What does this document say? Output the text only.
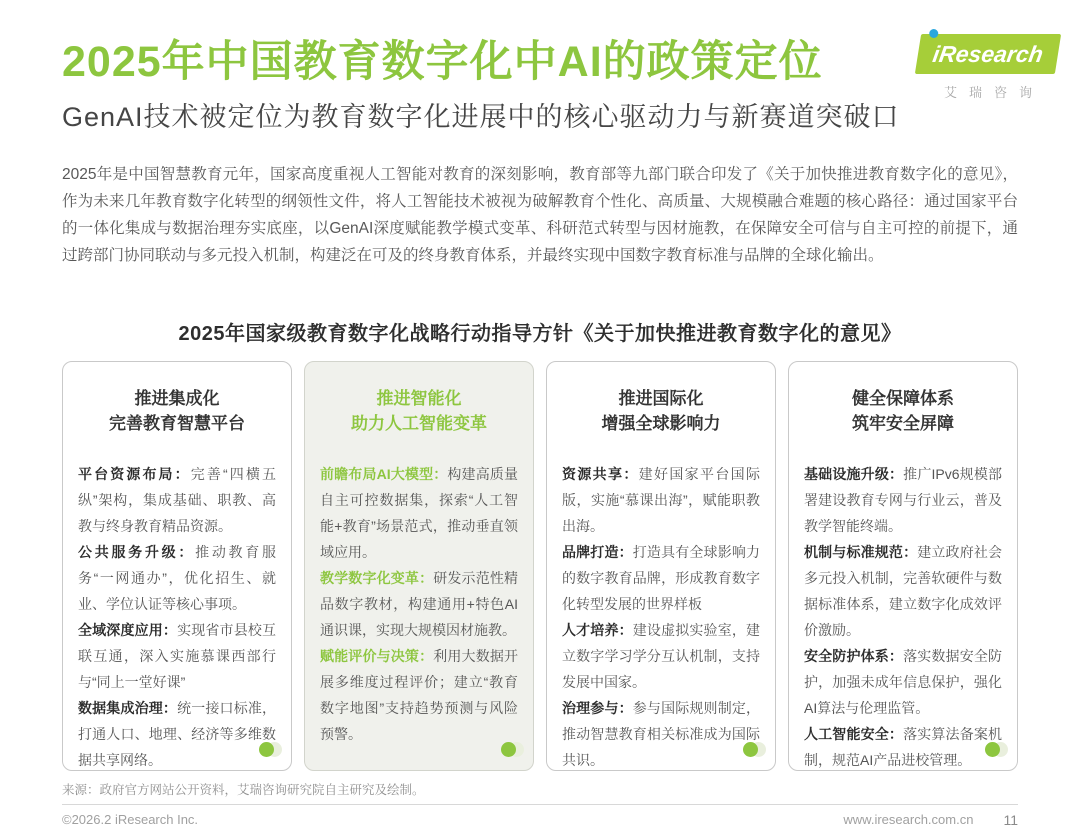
2025年中国教育数字化中AI的政策定位
GenAI技术被定位为教育数字化进展中的核心驱动力与新赛道突破口
iResearch
艾瑞咨询

2025年是中国智慧教育元年，国家高度重视人工智能对教育的深刻影响，教育部等九部门联合印发了《关于加快推进教育数字化的意见》，作为未来几年教育数字化转型的纲领性文件，将人工智能技术被视为破解教育个性化、高质量、大规模融合难题的核心路径：通过国家平台的一体化集成与数据治理夯实底座，以GenAI深度赋能教学模式变革、科研范式转型与因材施教，在保障安全可信与自主可控的前提下，通过跨部门协同联动与多元投入机制，构建泛在可及的终身教育体系，并最终实现中国数字教育标准与品牌的全球化输出。

2025年国家级教育数字化战略行动指导方针《关于加快推进教育数字化的意见》
推进集成化
完善教育智慧平台

平台资源布局：完善“四横五纵”架构，集成基础、职教、高教与终身教育精品资源。

公共服务升级：推动教育服务“一网通办”，优化招生、就业、学位认证等核心事项。

全域深度应用：实现省市县校互联互通，深入实施慕课西部行与“同上一堂好课”

数据集成治理：统一接口标准，打通人口、地理、经济等多维数据共享网络。

推进智能化
助力人工智能变革

前瞻布局AI大模型：构建高质量自主可控数据集，探索“人工智能+教育”场景范式，推动垂直领域应用。

教学数字化变革：研发示范性精品数字教材，构建通用+特色AI通识课，实现大规模因材施教。

赋能评价与决策：利用大数据开展多维度过程评价；建立“教育数字地图”支持趋势预测与风险预警。

推进国际化
增强全球影响力

资源共享：建好国家平台国际版，实施“慕课出海”，赋能职教出海。

品牌打造：打造具有全球影响力的数字教育品牌，形成教育数字化转型发展的世界样板

人才培养：建设虚拟实验室，建立数字学习学分互认机制，支持发展中国家。

治理参与：参与国际规则制定，推动智慧教育相关标准成为国际共识。

健全保障体系
筑牢安全屏障

基础设施升级：推广IPv6规模部署建设教育专网与行业云，普及教学智能终端。

机制与标准规范：建立政府社会多元投入机制，完善软硬件与数据标准体系，建立数字化成效评价激励。

安全防护体系：落实数据安全防护，加强未成年信息保护，强化AI算法与伦理监管。

人工智能安全：落实算法备案机制，规范AI产品进校管理。

来源：政府官方网站公开资料，艾瑞咨询研究院自主研究及绘制。
©2026.2 iResearch Inc.	www.iresearch.com.cn 11
